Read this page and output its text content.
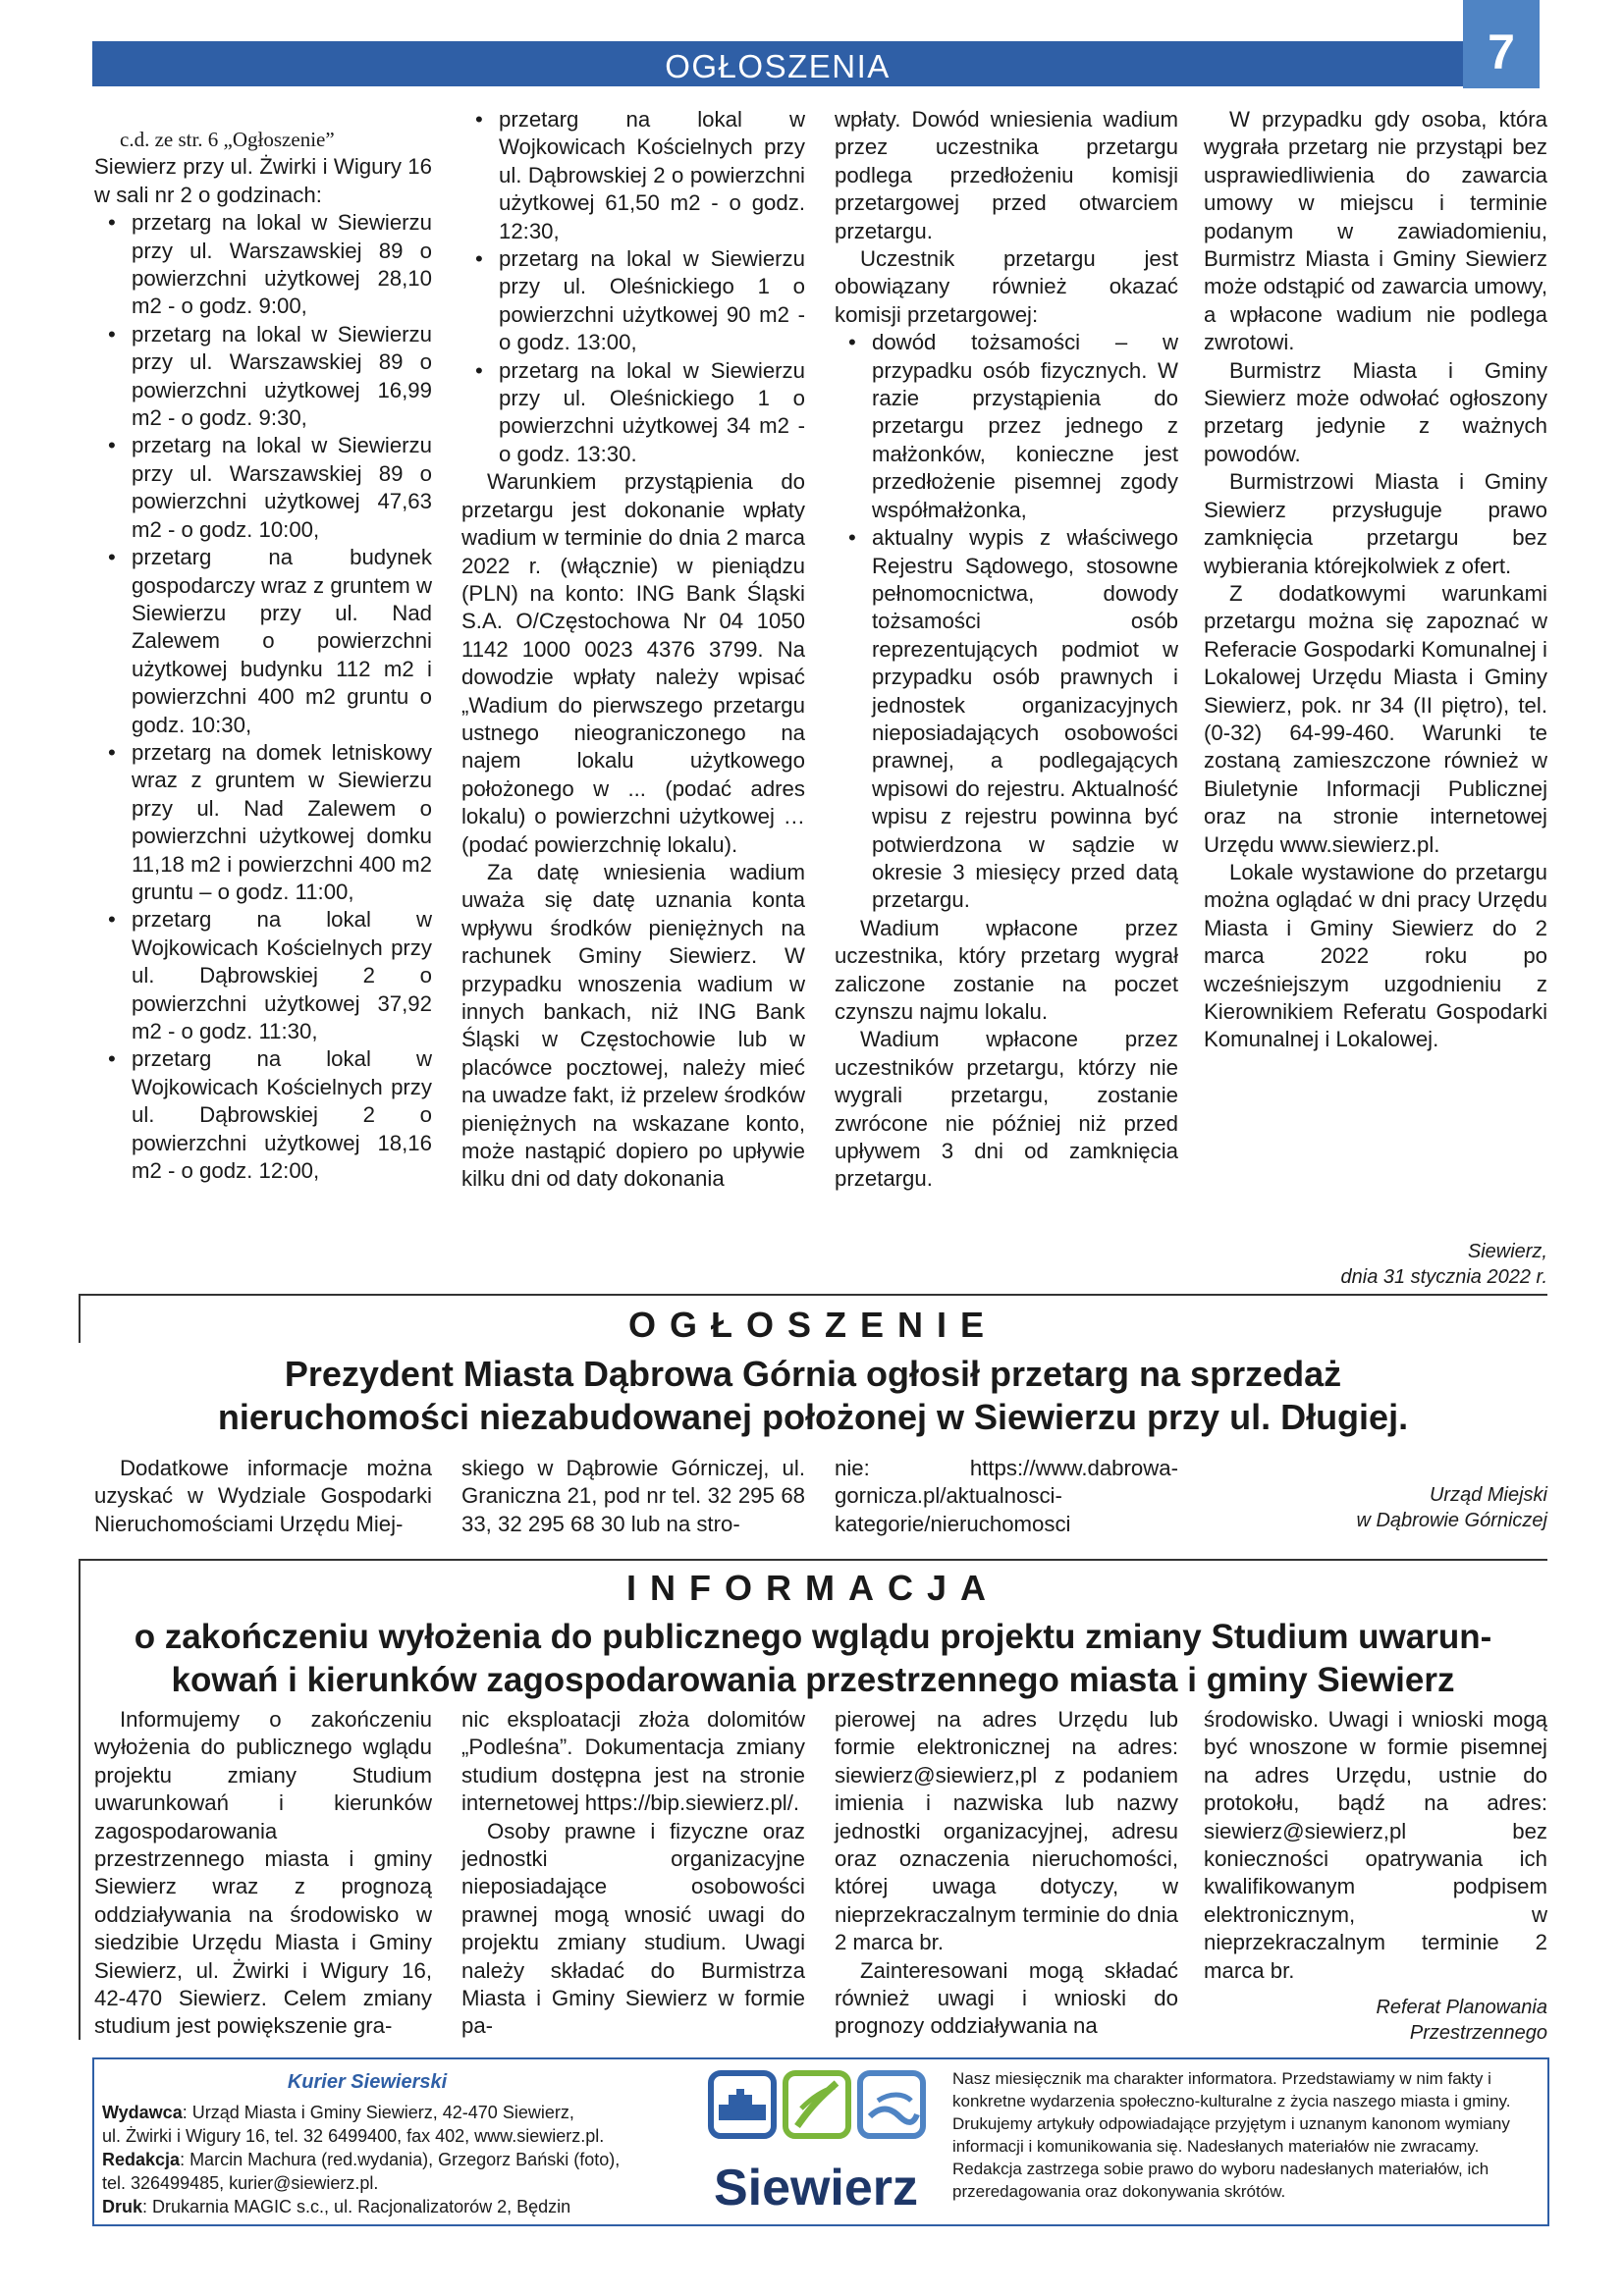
OGŁOSZENIA	7

c.d. ze str. 6 „Ogłoszenie”

Siewierz przy ul. Żwirki i Wigury 16 w sali nr 2 o godzinach:

• przetarg na lokal w Siewierzu przy ul. Warszawskiej 89 o powierzchni użytkowej 28,10 m2 - o godz. 9:00,
• przetarg na lokal w Siewierzu przy ul. Warszawskiej 89 o powierzchni użytkowej 16,99 m2 - o godz. 9:30,
• przetarg na lokal w Siewierzu przy ul. Warszawskiej 89 o powierzchni użytkowej 47,63 m2 - o godz. 10:00,
• przetarg na budynek gospodarczy wraz z gruntem w Siewierzu przy ul. Nad Zalewem o powierzchni użytkowej budynku 112 m2 i powierzchni 400 m2 gruntu o godz. 10:30,
• przetarg na domek letniskowy wraz z gruntem w Siewierzu przy ul. Nad Zalewem o powierzchni użytkowej domku 11,18 m2 i powierzchni 400 m2 gruntu – o godz. 11:00,
• przetarg na lokal w Wojkowicach Kościelnych przy ul. Dąbrowskiej 2 o powierzchni użytkowej 37,92 m2 - o godz. 11:30,
• przetarg na lokal w Wojkowicach Kościelnych przy ul. Dąbrowskiej 2 o powierzchni użytkowej 18,16 m2 - o godz. 12:00,
• przetarg na lokal w Wojkowicach Kościelnych przy ul. Dąbrowskiej 2 o powierzchni użytkowej 61,50 m2 - o godz. 12:30,
• przetarg na lokal w Siewierzu przy ul. Oleśnickiego 1 o powierzchni użytkowej 90 m2 - o godz. 13:00,
• przetarg na lokal w Siewierzu przy ul. Oleśnickiego 1 o powierzchni użytkowej 34 m2 - o godz. 13:30.

Warunkiem przystąpienia do przetargu jest dokonanie wpłaty wadium w terminie do dnia 2 marca 2022 r. (włącznie) w pieniądzu (PLN) na konto: ING Bank Śląski S.A. O/Częstochowa Nr 04 1050 1142 1000 0023 4376 3799. Na dowodzie wpłaty należy wpisać „Wadium do pierwszego przetargu ustnego nieograniczonego na najem lokalu użytkowego położonego w ... (podać adres lokalu) o powierzchni użytkowej … (podać powierzchnię lokalu).

Za datę wniesienia wadium uważa się datę uznania konta wpływu środków pieniężnych na rachunek Gminy Siewierz. W przypadku wnoszenia wadium w innych bankach, niż ING Bank Śląski w Częstochowie lub w placówce pocztowej, należy mieć na uwadze fakt, iż przelew środków pieniężnych na wskazane konto, może nastąpić dopiero po upływie kilku dni od daty dokonania

wpłaty. Dowód wniesienia wadium przez uczestnika przetargu podlega przedłożeniu komisji przetargowej przed otwarciem przetargu.

Uczestnik przetargu jest obowiązany również okazać komisji przetargowej:

• dowód tożsamości – w przypadku osób fizycznych. W razie przystąpienia do przetargu przez jednego z małżonków, konieczne jest przedłożenie pisemnej zgody współmałżonka,
• aktualny wypis z właściwego Rejestru Sądowego, stosowne pełnomocnictwa, dowody tożsamości osób reprezentujących podmiot w przypadku osób prawnych i jednostek organizacyjnych nieposiadających osobowości prawnej, a podlegających wpisowi do rejestru. Aktualność wpisu z rejestru powinna być potwierdzona w sądzie w okresie 3 miesięcy przed datą przetargu.

Wadium wpłacone przez uczestnika, który przetarg wygrał zaliczone zostanie na poczet czynszu najmu lokalu.

Wadium wpłacone przez uczestników przetargu, którzy nie wygrali przetargu, zostanie zwrócone nie później niż przed upływem 3 dni od zamknięcia przetargu.

W przypadku gdy osoba, która wygrała przetarg nie przystąpi bez usprawiedliwienia do zawarcia umowy w miejscu i terminie podanym w zawiadomieniu, Burmistrz Miasta i Gminy Siewierz może odstąpić od zawarcia umowy, a wpłacone wadium nie podlega zwrotowi.

Burmistrz Miasta i Gminy Siewierz może odwołać ogłoszony przetarg jedynie z ważnych powodów.

Burmistrzowi Miasta i Gminy Siewierz przysługuje prawo zamknięcia przetargu bez wybierania którejkolwiek z ofert.

Z dodatkowymi warunkami przetargu można się zapoznać w Referacie Gospodarki Komunalnej i Lokalowej Urzędu Miasta i Gminy Siewierz, pok. nr 34 (II piętro), tel. (0-32) 64-99-460. Warunki te zostaną zamieszczone również w Biuletynie Informacji Publicznej oraz na stronie internetowej Urzędu www.siewierz.pl.

Lokale wystawione do przetargu można oglądać w dni pracy Urzędu Miasta i Gminy Siewierz do 2 marca 2022 roku po wcześniejszym uzgodnieniu z Kierownikiem Referatu Gospodarki Komunalnej i Lokalowej.

Siewierz,
dnia 31 stycznia 2022 r.
OGŁOSZENIE
Prezydent Miasta Dąbrowa Górnia ogłosił przetarg na sprzedaż
nieruchomości niezabudowanej położonej w Siewierzu przy ul. Długiej.

Dodatkowe informacje można uzyskać w Wydziale Gospodarki Nieruchomościami Urzędu Miej-

skiego w Dąbrowie Górniczej, ul. Graniczna 21, pod nr tel. 32 295 68 33, 32 295 68 30 lub na stro-

nie: https://www.dabrowa-gornicza.pl/aktualnosci-kategorie/nieruchomosci

Urząd Miejski
w Dąbrowie Górniczej
INFORMACJA
o zakończeniu wyłożenia do publicznego wglądu projektu zmiany Studium uwarun-
kowań i kierunków zagospodarowania przestrzennego miasta i gminy Siewierz

Informujemy o zakończeniu wyłożenia do publicznego wglądu projektu zmiany Studium uwarunkowań i kierunków zagospodarowania przestrzennego miasta i gminy Siewierz wraz z prognozą oddziaływania na środowisko w siedzibie Urzędu Miasta i Gminy Siewierz, ul. Żwirki i Wigury 16, 42-470 Siewierz. Celem zmiany studium jest powiększenie gra-

nic eksploatacji złoża dolomitów „Podleśna”. Dokumentacja zmiany studium dostępna jest na stronie internetowej https://bip.siewierz.pl/.

Osoby prawne i fizyczne oraz jednostki organizacyjne nieposiadające osobowości prawnej mogą wnosić uwagi do projektu zmiany studium. Uwagi należy składać do Burmistrza Miasta i Gminy Siewierz w formie pa-

pierowej na adres Urzędu lub formie elektronicznej na adres: siewierz@siewierz,pl z podaniem imienia i nazwiska lub nazwy jednostki organizacyjnej, adresu oraz oznaczenia nieruchomości, której uwaga dotyczy, w nieprzekraczalnym terminie do dnia 2 marca br.

Zainteresowani mogą składać również uwagi i wnioski do prognozy oddziaływania na

środowisko. Uwagi i wnioski mogą być wnoszone w formie pisemnej na adres Urzędu, ustnie do protokołu, bądź na adres: siewierz@siewierz,pl bez konieczności opatrywania ich kwalifikowanym podpisem elektronicznym, w nieprzekraczalnym terminie 2 marca br.

Referat Planowania
Przestrzennego
Kurier Siewierski
Wydawca: Urząd Miasta i Gminy Siewierz, 42-470 Siewierz,
ul. Żwirki i Wigury 16, tel. 32 6499400, fax 402, www.siewierz.pl.
Redakcja: Marcin Machura (red.wydania), Grzegorz Bański (foto),
tel. 326499485, kurier@siewierz.pl.
Druk: Drukarnia MAGIC s.c., ul. Racjonalizatorów 2, Będzin	Siewierz
Nasz miesięcznik ma charakter informatora. Przedstawiamy w nim fakty i konkretne wydarzenia społeczno-kulturalne z życia naszego miasta i gminy. Drukujemy artykuły odpowiadające przyjętym i uznanym kanonom wymiany informacji i komunikowania się. Nadesłanych materiałów nie zwracamy. Redakcja zastrzega sobie prawo do wyboru nadesłanych materiałów, ich przeredagowania oraz dokonywania skrótów.
